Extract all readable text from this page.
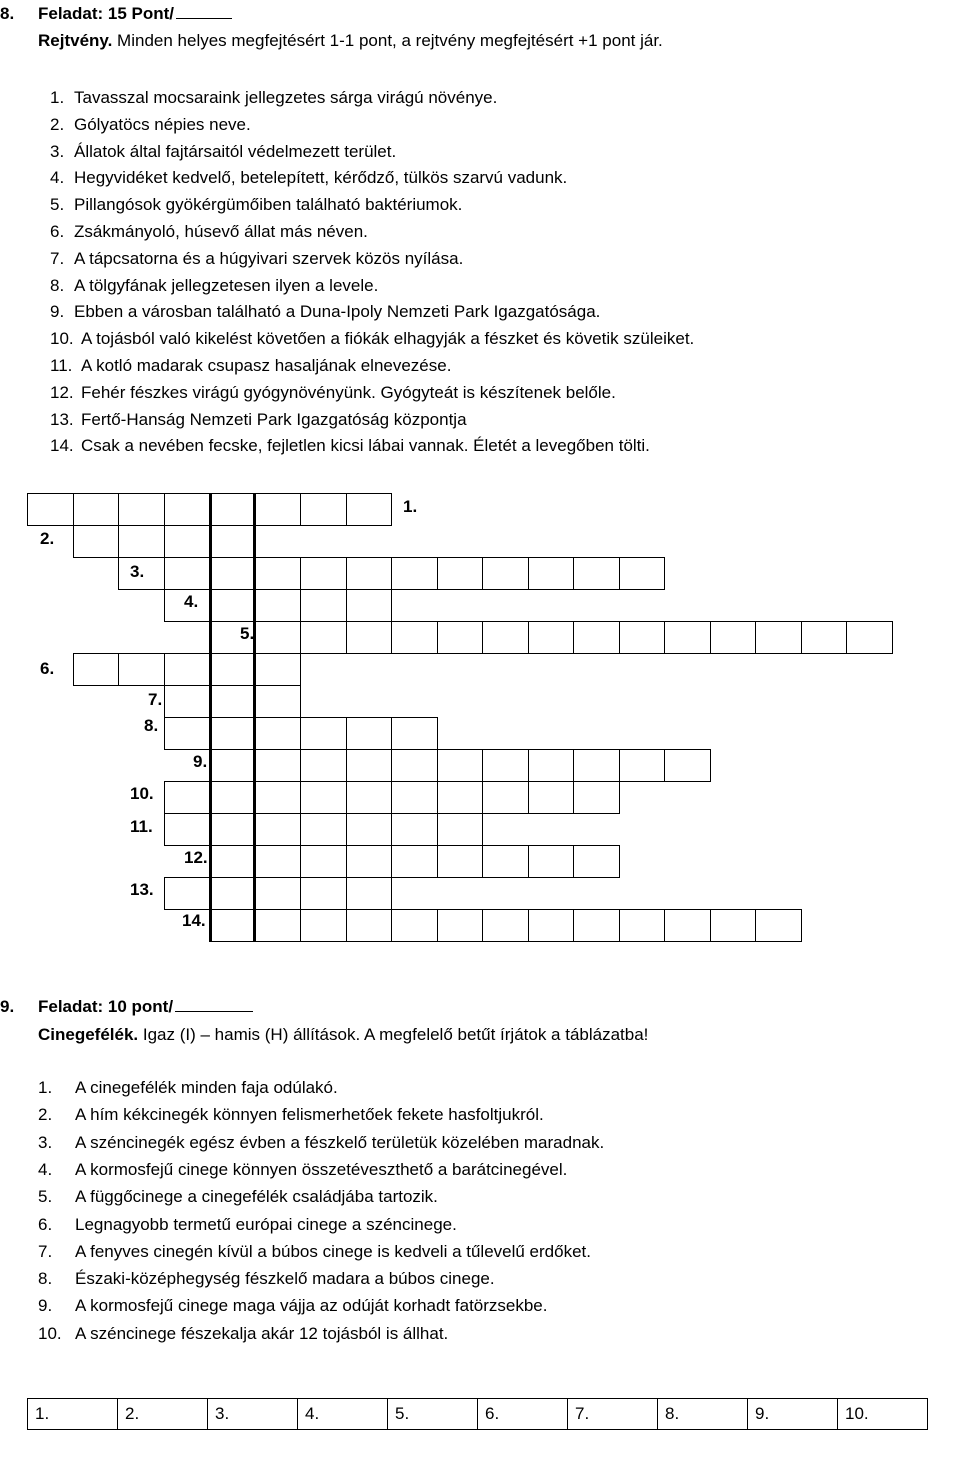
8. Feladat: 15 Pont/
Rejtvény. Minden helyes megfejtésért 1-1 pont, a rejtvény megfejtésért +1 pont jár.
1. Tavasszal mocsaraink jellegzetes sárga virágú növénye.
2. Gólyatöcs népies neve.
3. Állatok által fajtársaitól védelmezett terület.
4. Hegyvidéket kedvelő, betelepített, kérődző, tülkös szarvú vadunk.
5. Pillangósok gyökérgümőiben található baktériumok.
6. Zsákmányoló, húsevő állat más néven.
7. A tápcsatorna és a húgyivari szervek közös nyílása.
8. A tölgyfának jellegzetesen ilyen a levele.
9. Ebben a városban található a Duna-Ipoly Nemzeti Park Igazgatósága.
10. A tojásból való kikelést követően a fiókák elhagyják a fészket és követik szüleiket.
11. A kotló madarak csupasz hasaljának elnevezése.
12. Fehér fészkes virágú gyógynövényünk. Gyógyteát is készítenek belőle.
13. Fertő-Hanság Nemzeti Park Igazgatóság központja
14. Csak a nevében fecske, fejletlen kicsi lábai vannak. Életét a levegőben tölti.
1.
2.
3.
4.
5.
6.
7.
8.
9.
10.
11.
12.
13.
14.
9. Feladat: 10 pont/
Cinegefélék. Igaz (I) – hamis (H) állítások. A megfelelő betűt írjátok a táblázatba!
1. A cinegefélék minden faja odúlakó.
2. A hím kékcinegék könnyen felismerhetőek fekete hasfoltjukról.
3. A széncinegék egész évben a fészkelő területük közelében maradnak.
4. A kormosfejű cinege könnyen összetéveszthető a barátcinegével.
5. A függőcinege a cinegefélék családjába tartozik.
6. Legnagyobb termetű európai cinege a széncinege.
7. A fenyves cinegén kívül a búbos cinege is kedveli a tűlevelű erdőket.
8. Északi-középhegység fészkelő madara a búbos cinege.
9. A kormosfejű cinege maga vájja az odúját korhadt fatörzsekbe.
10. A széncinege fészekalja akár 12 tojásból is állhat.
1.	2.	3.	4.	5.	6.	7.	8.	9.	10.
